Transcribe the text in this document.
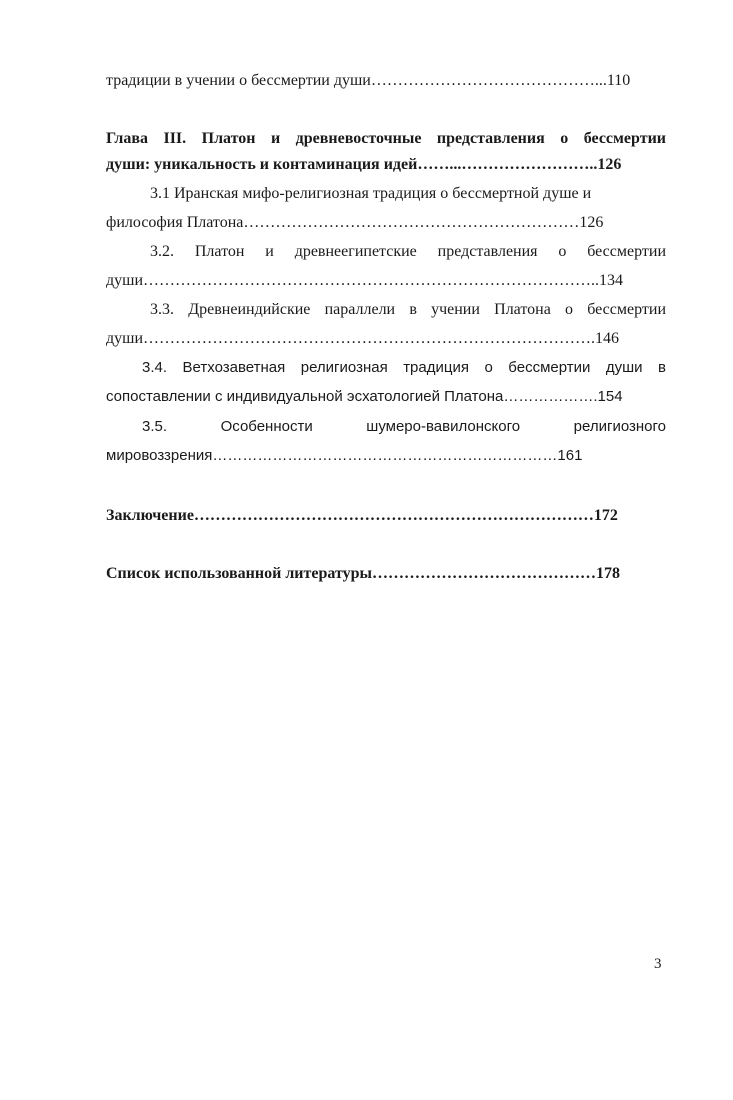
традиции в учении о бессмертии души……………………………………...110
Глава III. Платон и древневосточные представления о бессмертии
души: уникальность и контаминация идей……...……………………..126
3.1 Иранская мифо-религиозная традиция о бессмертной душе и
философия Платона………………………………………………………126
3.2. Платон и древнеегипетские представления о бессмертии
души…………………………………………………………………………..134
3.3. Древнеиндийские параллели в учении Платона о бессмертии
души………………………………………………………………………….146
3.4. Ветхозаветная религиозная традиция о бессмертии души в
сопоставлении с индивидуальной эсхатологией Платона……………….154
3.5. Особенности шумеро-вавилонского религиозного
мировоззрения……………………………………………………………161
Заключение…………………………………………………………………172
Список использованной литературы……………………………………178
3
